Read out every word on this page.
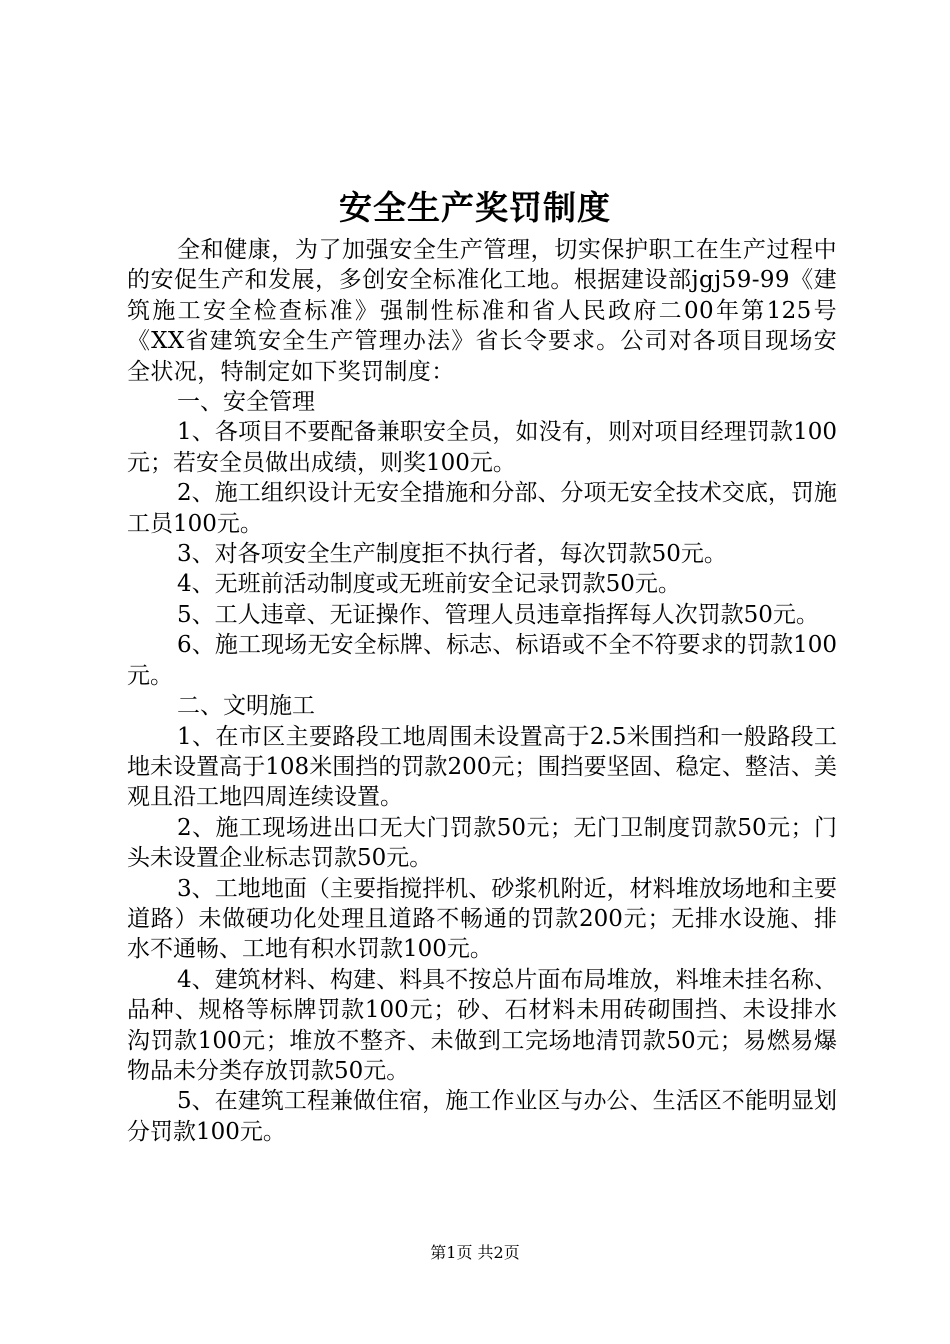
安全生产奖罚制度

全和健康，为了加强安全生产管理，切实保护职工在生产过程中的安促生产和发展，多创安全标准化工地。根据建设部jgj59-99《建筑施工安全检查标准》强制性标准和省人民政府二00年第125号《XX省建筑安全生产管理办法》省长令要求。公司对各项目现场安全状况，特制定如下奖罚制度：

一、安全管理

1、各项目不要配备兼职安全员，如没有，则对项目经理罚款100元；若安全员做出成绩，则奖100元。

2、施工组织设计无安全措施和分部、分项无安全技术交底，罚施工员100元。

3、对各项安全生产制度拒不执行者，每次罚款50元。

4、无班前活动制度或无班前安全记录罚款50元。

5、工人违章、无证操作、管理人员违章指挥每人次罚款50元。

6、施工现场无安全标牌、标志、标语或不全不符要求的罚款100元。

二、文明施工

1、在市区主要路段工地周围未设置高于2.5米围挡和一般路段工地未设置高于108米围挡的罚款200元；围挡要坚固、稳定、整洁、美观且沿工地四周连续设置。

2、施工现场进出口无大门罚款50元；无门卫制度罚款50元；门头未设置企业标志罚款50元。

3、工地地面（主要指搅拌机、砂浆机附近，材料堆放场地和主要道路）未做硬功化处理且道路不畅通的罚款200元；无排水设施、排水不通畅、工地有积水罚款100元。

4、建筑材料、构建、料具不按总片面布局堆放，料堆未挂名称、品种、规格等标牌罚款100元；砂、石材料未用砖砌围挡、未设排水沟罚款100元；堆放不整齐、未做到工完场地清罚款50元；易燃易爆物品未分类存放罚款50元。

5、在建筑工程兼做住宿，施工作业区与办公、生活区不能明显划分罚款100元。

第1页 共2页
